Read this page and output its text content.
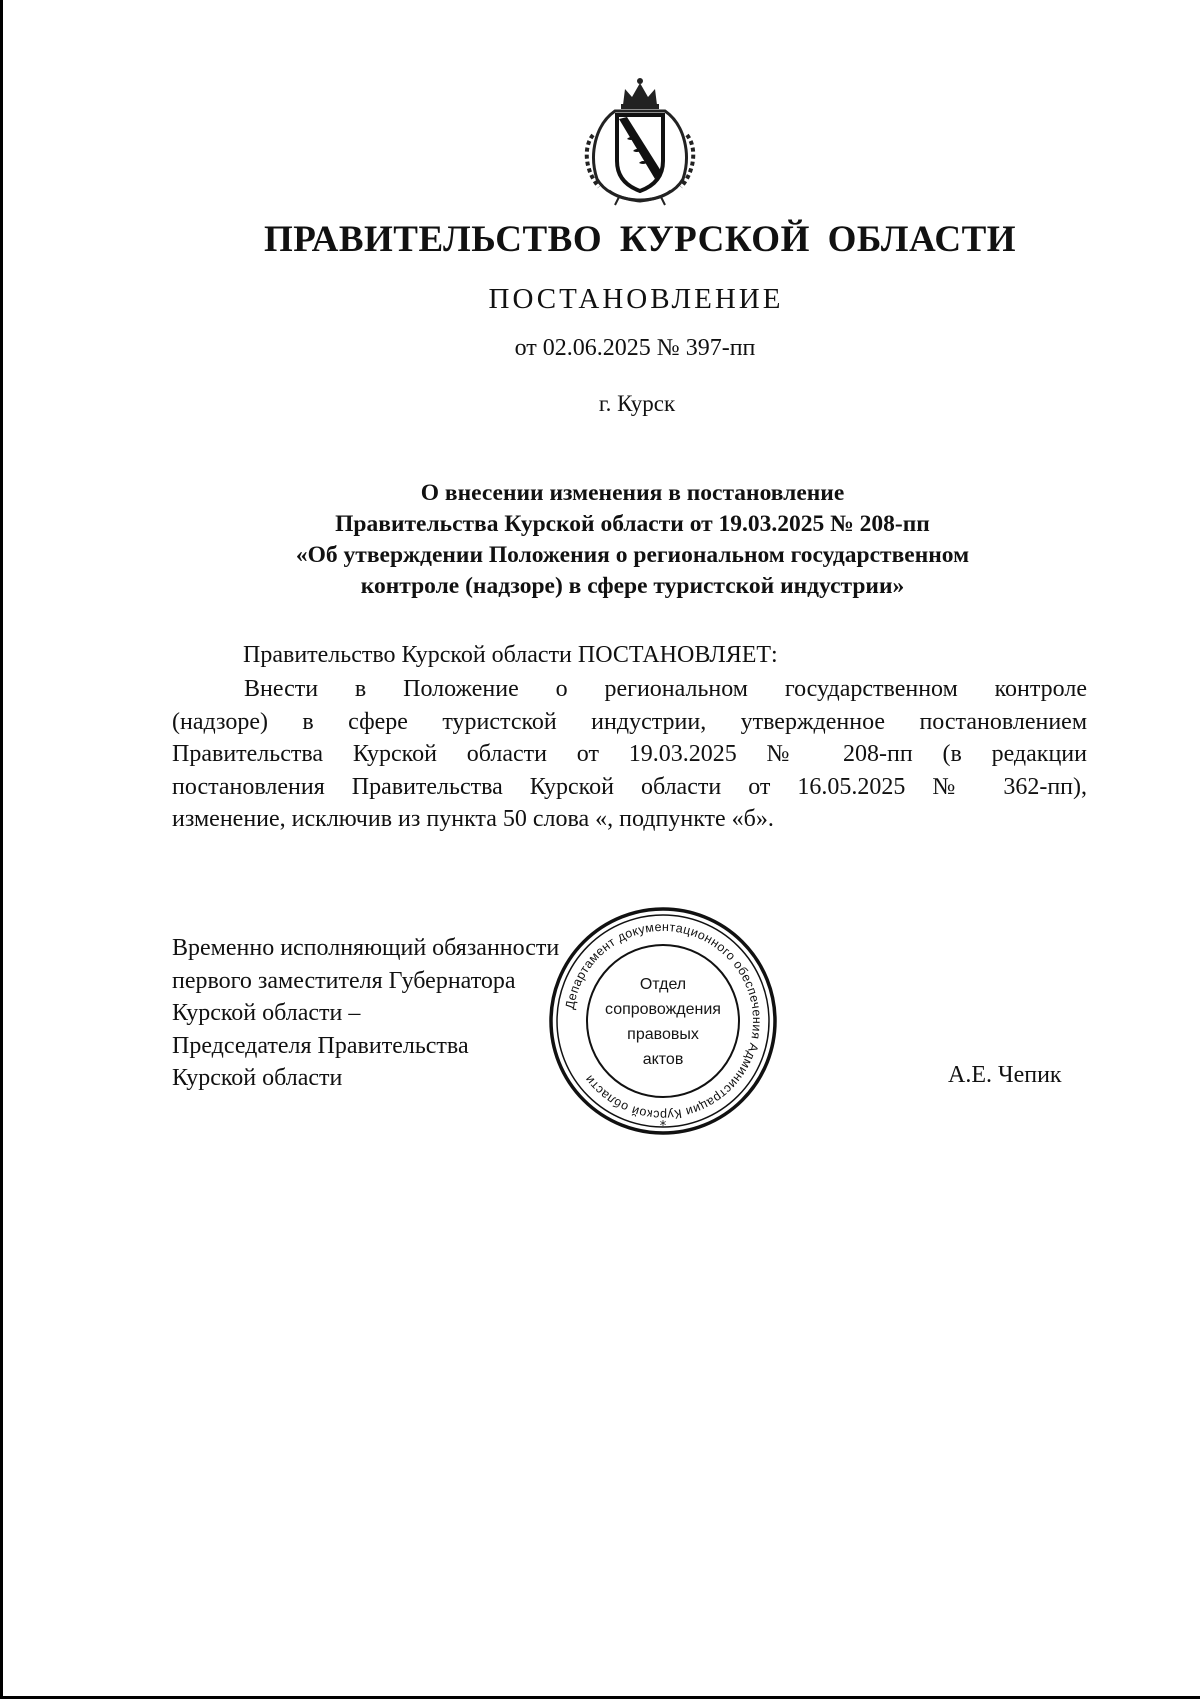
ПРАВИТЕЛЬСТВО КУРСКОЙ ОБЛАСТИ
ПОСТАНОВЛЕНИЕ
от 02.06.2025 № 397-пп
г. Курск
О внесении изменения в постановление
Правительства Курской области от 19.03.2025 № 208-пп
«Об утверждении Положения о региональном государственном
контроле (надзоре) в сфере туристской индустрии»
Правительство Курской области ПОСТАНОВЛЯЕТ:
Внести в Положение о региональном государственном контроле
(надзоре) в сфере туристской индустрии, утвержденное постановлением
Правительства Курской области от 19.03.2025 № 208-пп (в редакции
постановления Правительства Курской области от 16.05.2025 № 362-пп),
изменение, исключив из пункта 50 слова «, подпункте «б».
Временно исполняющий обязанности
первого заместителя Губернатора
Курской области –
Председателя Правительства
Курской области
Департамент документационного обеспечения Администрации Курской области
*
Отдел
сопровождения
правовых
актов
А.Е. Чепик
